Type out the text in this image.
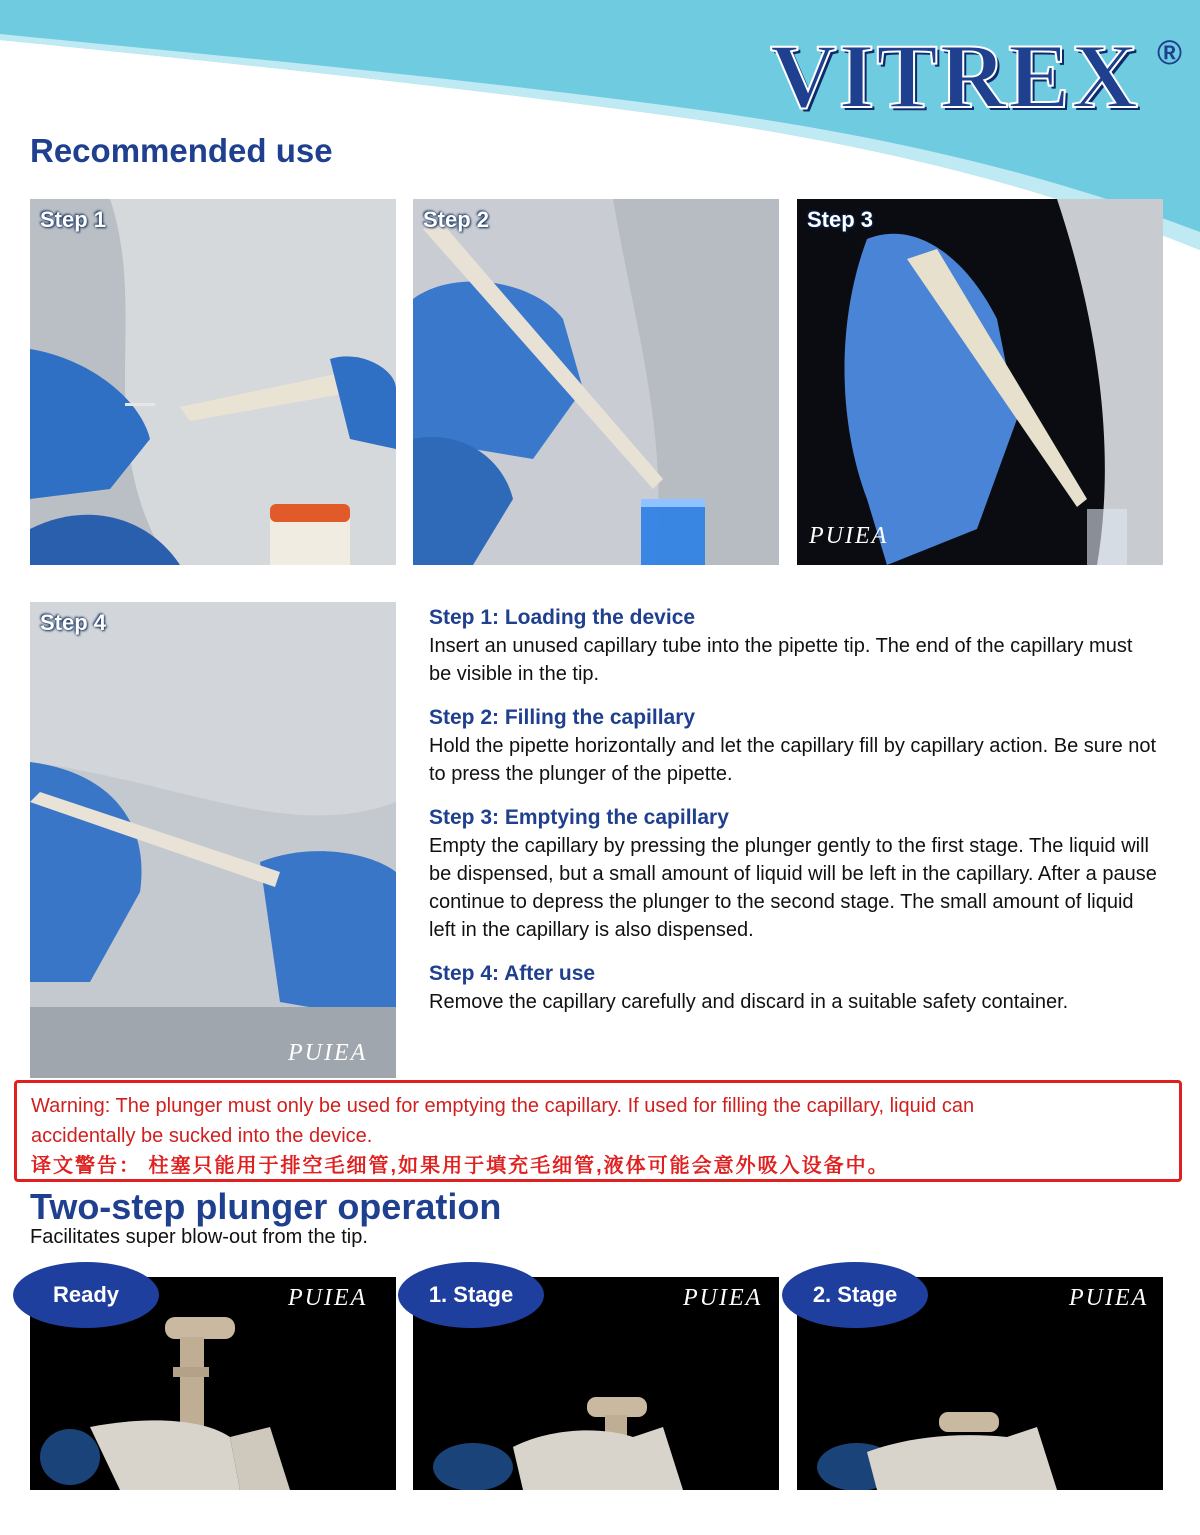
VITREX ®
Recommended use
Step 1	Step 2	Step 3
PUIEA
Step 4
PUIEA
Step 1: Loading the device
Insert an unused capillary tube into the pipette tip. The end of the capillary must be visible in the tip.
Step 2: Filling the capillary
Hold the pipette horizontally and let the capillary fill by capillary action. Be sure not to press the plunger of the pipette.
Step 3: Emptying the capillary
Empty the capillary by pressing the plunger gently to the first stage. The liquid will be dispensed, but a small amount of liquid will be left in the capillary. After a pause continue to depress the plunger to the second stage. The small amount of liquid left in the capillary is also dispensed.
Step 4: After use
Remove the capillary carefully and discard in a suitable safety container.
Warning: The plunger must only be used for emptying the capillary. If used for filling the capillary, liquid can accidentally be sucked into the device.
译文警告： 柱塞只能用于排空毛细管,如果用于填充毛细管,液体可能会意外吸入设备中。
Two-step plunger operation
Facilitates super blow-out from the tip.
PUIEA
Ready	PUIEA
1. Stage	PUIEA
2. Stage
